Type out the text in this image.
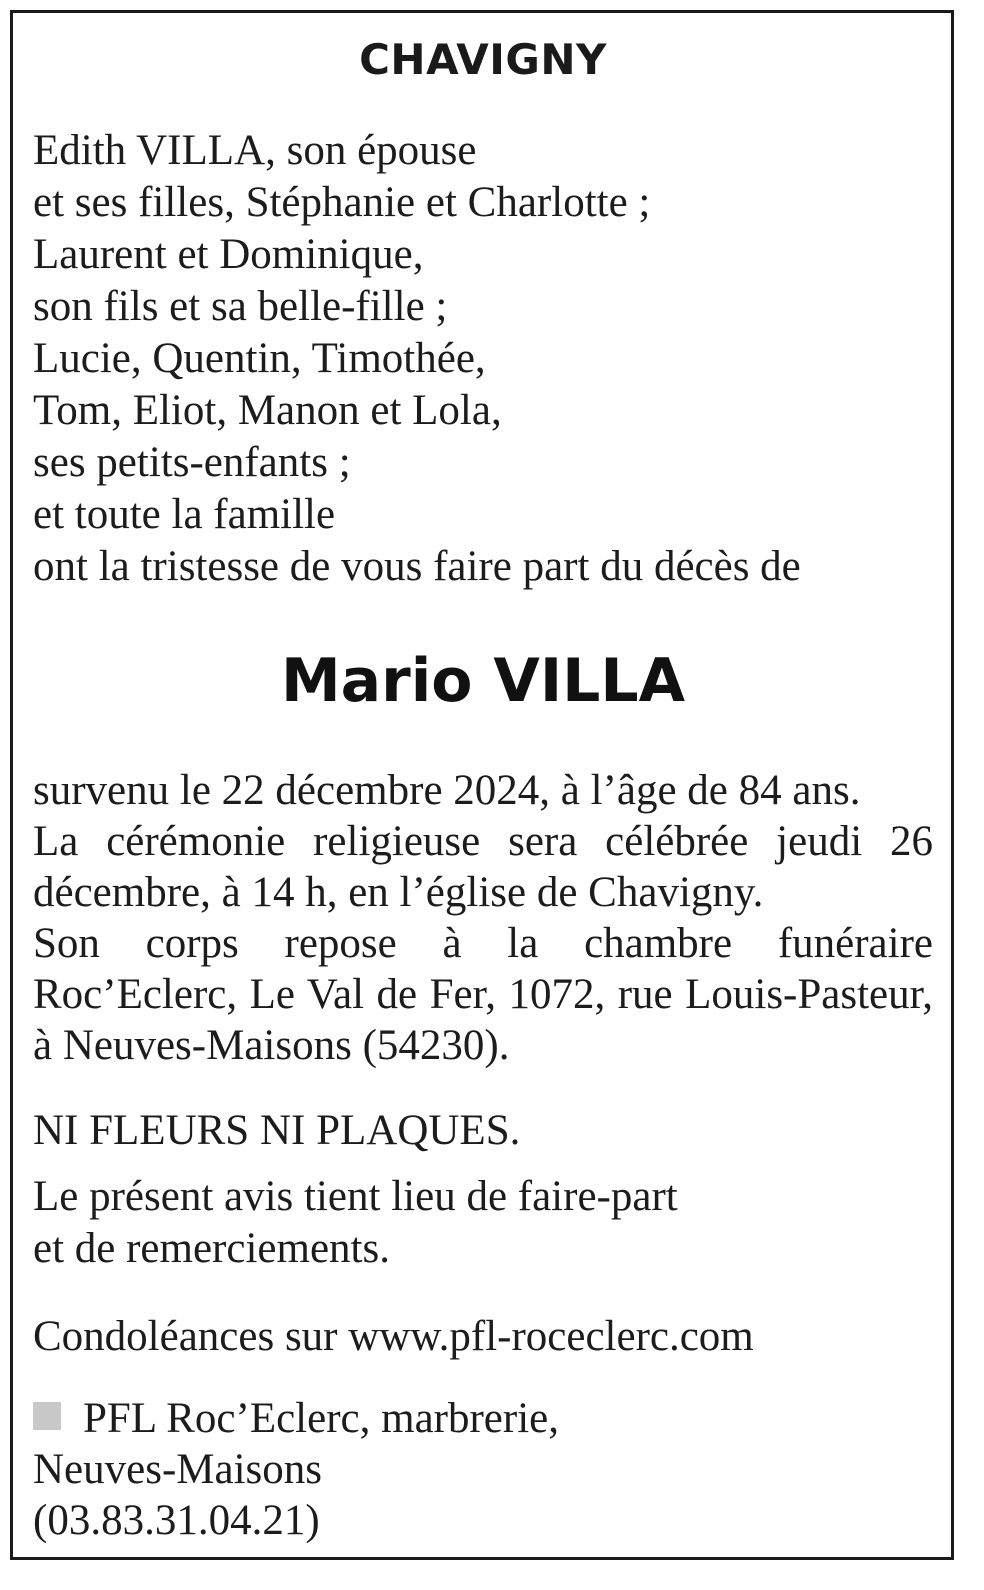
CHAVIGNY
Edith VILLA, son épouse
et ses filles, Stéphanie et Charlotte ;
Laurent et Dominique,
son fils et sa belle-fille ;
Lucie, Quentin, Timothée,
Tom, Eliot, Manon et Lola,
ses petits-enfants ;
et toute la famille
ont la tristesse de vous faire part du décès de
Mario VILLA
survenu le 22 décembre 2024, à l’âge de 84 ans.
La cérémonie religieuse sera célébrée jeudi 26 décembre, à 14 h, en l’église de Chavigny.
Son corps repose à la chambre funéraire Roc’Eclerc, Le Val de Fer, 1072, rue Louis-Pasteur, à Neuves-Maisons (54230).
NI FLEURS NI PLAQUES.
Le présent avis tient lieu de faire-part
et de remerciements.
Condoléances sur www.pfl-roceclerc.com
PFL Roc’Eclerc, marbrerie,
Neuves-Maisons
(03.83.31.04.21)
